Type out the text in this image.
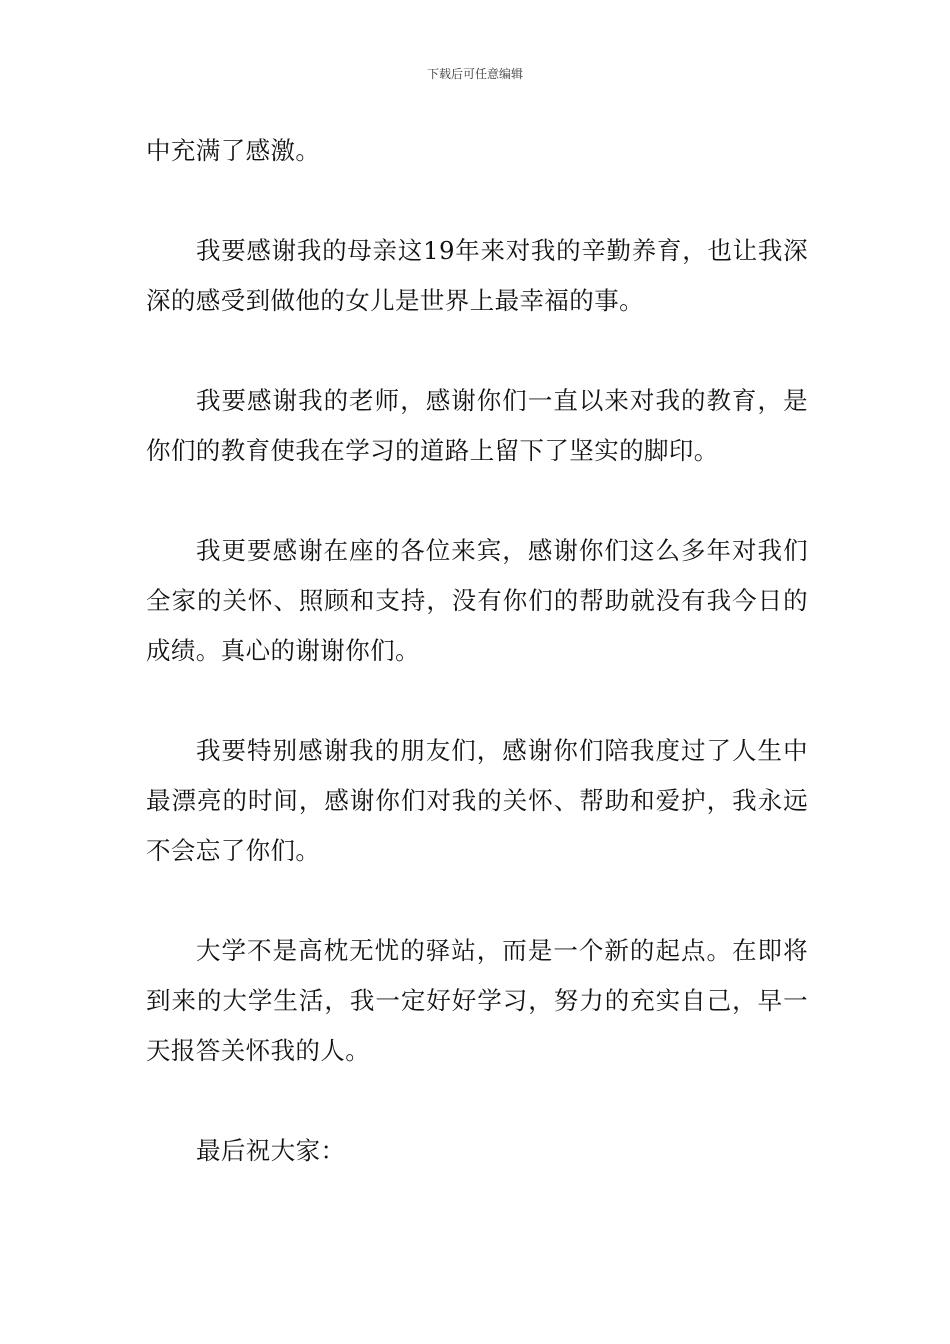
下载后可任意编辑

中充满了感激。

我要感谢我的母亲这19年来对我的辛勤养育，也让我深深的感受到做他的女儿是世界上最幸福的事。

我要感谢我的老师，感谢你们一直以来对我的教育，是你们的教育使我在学习的道路上留下了坚实的脚印。

我更要感谢在座的各位来宾，感谢你们这么多年对我们全家的关怀、照顾和支持，没有你们的帮助就没有我今日的成绩。真心的谢谢你们。

我要特别感谢我的朋友们，感谢你们陪我度过了人生中最漂亮的时间，感谢你们对我的关怀、帮助和爱护，我永远不会忘了你们。

大学不是高枕无忧的驿站，而是一个新的起点。在即将到来的大学生活，我一定好好学习，努力的充实自己，早一天报答关怀我的人。

最后祝大家：
